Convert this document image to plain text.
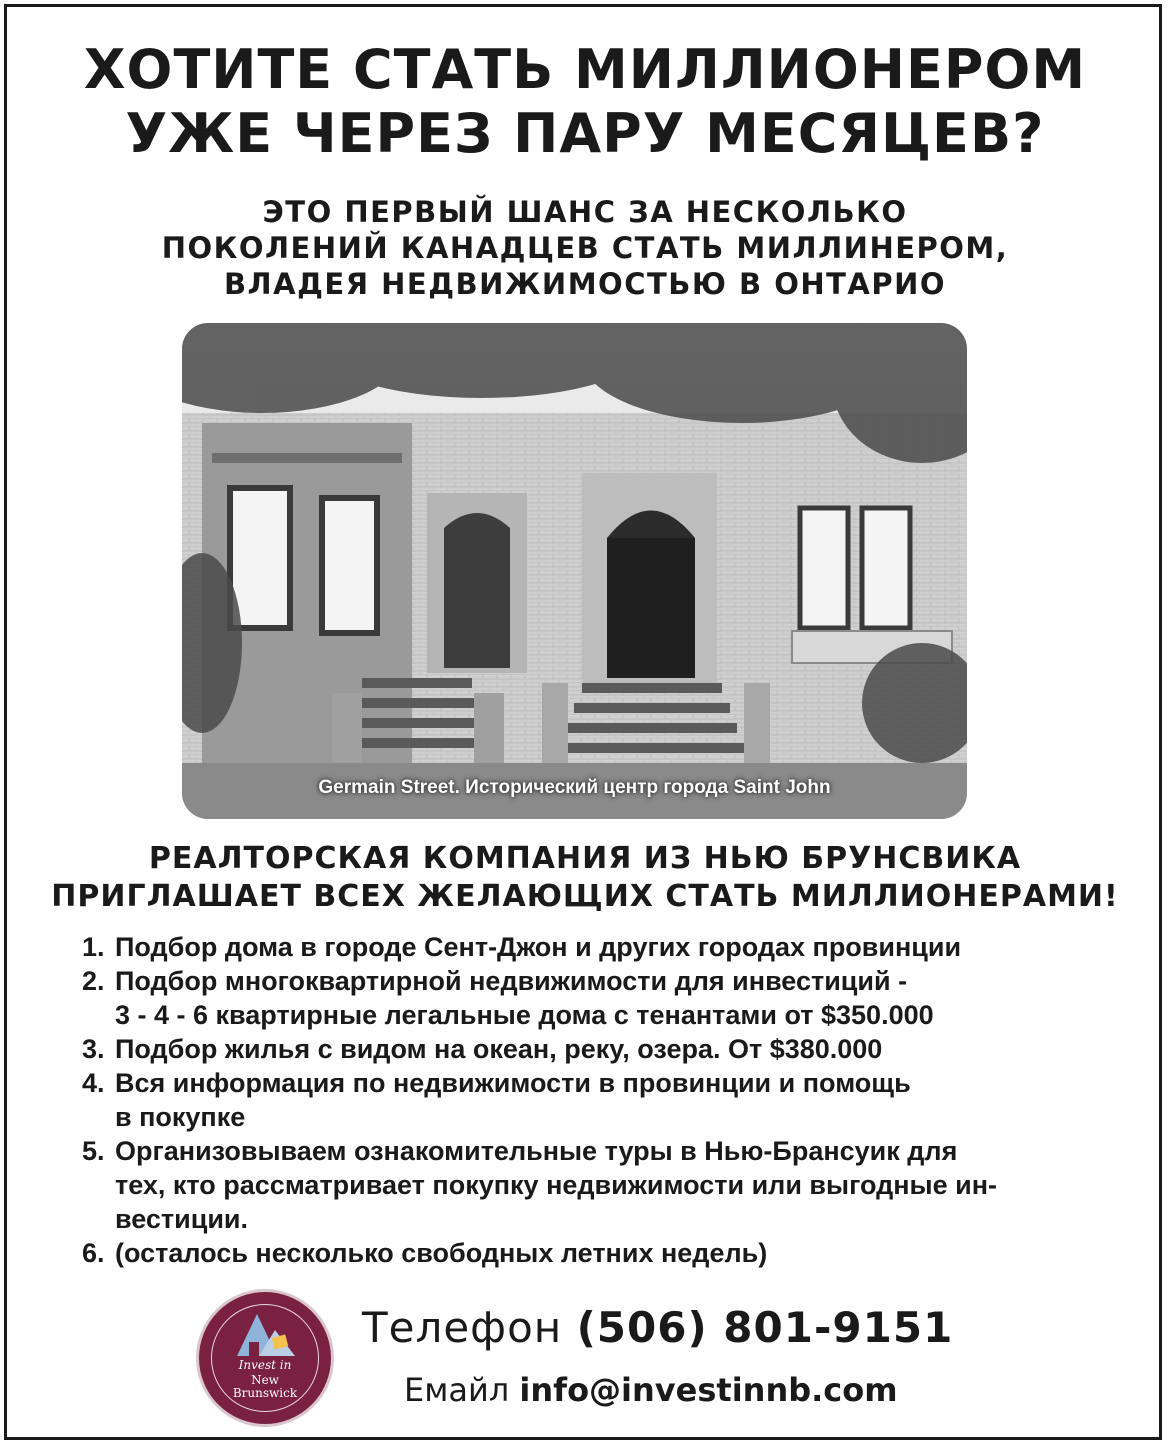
ХОТИТЕ СТАТЬ МИЛЛИОНЕРОМ
УЖЕ ЧЕРЕЗ ПАРУ МЕСЯЦЕВ?
ЭТО ПЕРВЫЙ ШАНС ЗА НЕСКОЛЬКО
ПОКОЛЕНИЙ КАНАДЦЕВ СТАТЬ МИЛЛИНЕРОМ,
ВЛАДЕЯ НЕДВИЖИМОСТЬЮ В ОНТАРИО
Germain Street. Исторический центр города Saint John
РЕАЛТОРСКАЯ КОМПАНИЯ ИЗ НЬЮ БРУНСВИКА
ПРИГЛАШАЕТ ВСЕХ ЖЕЛАЮЩИХ СТАТЬ МИЛЛИОНЕРАМИ!
1. Подбор дома в городе Сент-Джон и других городах провинции
2. Подбор многоквартирной недвижимости для инвестиций -
3 - 4 - 6 квартирные легальные дома с тенантами от $350.000
3. Подбор жилья с видом на океан, реку, озера. От $380.000
4. Вся информация по недвижимости в провинции и помощь
в покупке
5. Организовываем ознакомительные туры в Нью-Брансуик для
тех, кто рассматривает покупку недвижимости или выгодные ин-
вестиции.
6. (осталось несколько свободных летних недель)
Invest in
New
Brunswick
Телефон (506) 801-9151
Емайл info@investinnb.com
